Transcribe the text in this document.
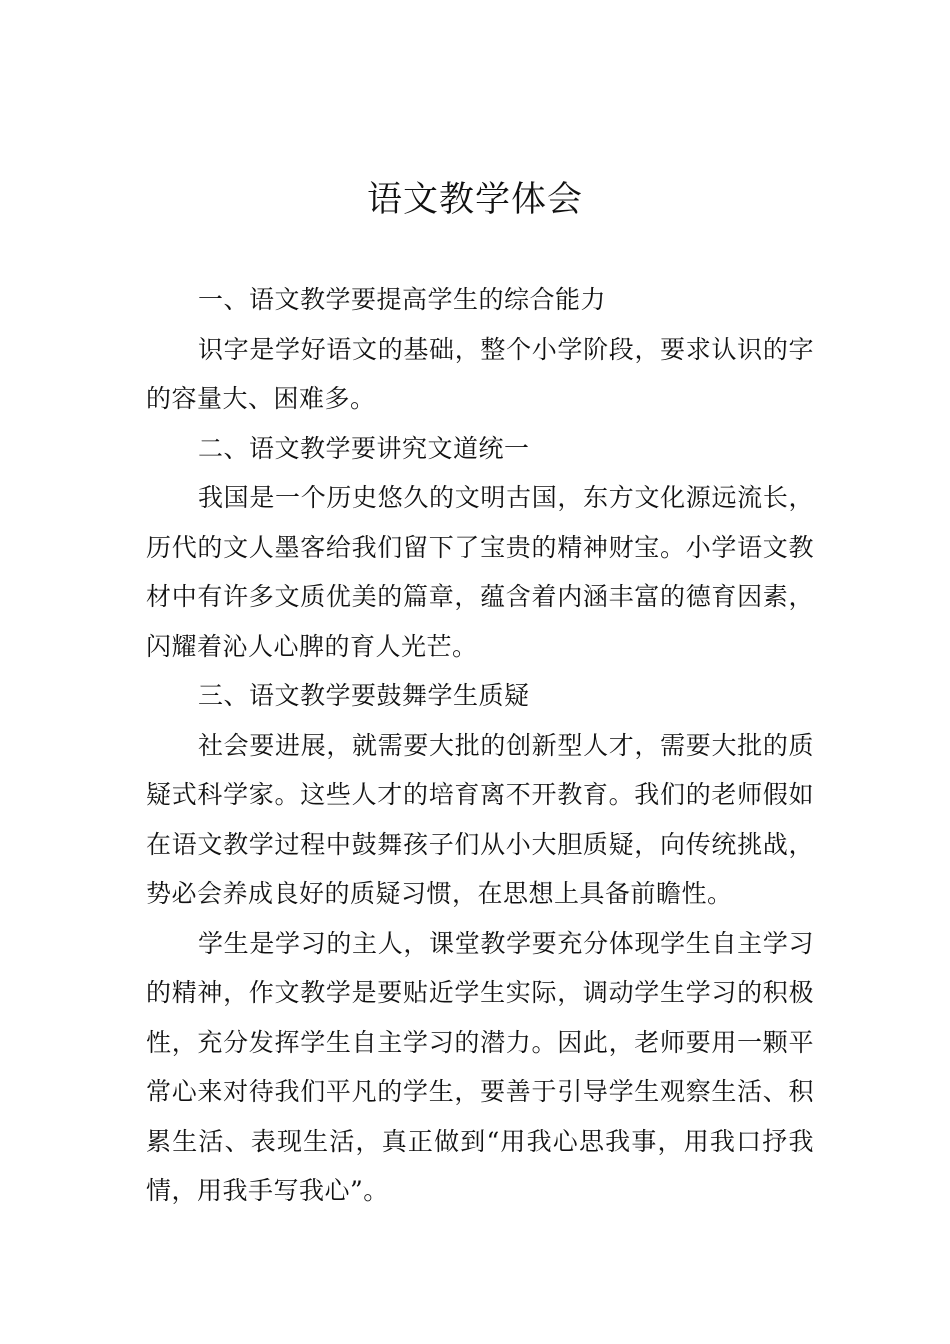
语文教学体会

一、语文教学要提高学生的综合能力

识字是学好语文的基础，整个小学阶段，要求认识的字的容量大、困难多。

二、语文教学要讲究文道统一

我国是一个历史悠久的文明古国，东方文化源远流长，历代的文人墨客给我们留下了宝贵的精神财宝。小学语文教材中有许多文质优美的篇章，蕴含着内涵丰富的德育因素，闪耀着沁人心脾的育人光芒。

三、语文教学要鼓舞学生质疑

社会要进展，就需要大批的创新型人才，需要大批的质疑式科学家。这些人才的培育离不开教育。我们的老师假如在语文教学过程中鼓舞孩子们从小大胆质疑，向传统挑战，势必会养成良好的质疑习惯，在思想上具备前瞻性。

学生是学习的主人，课堂教学要充分体现学生自主学习的精神，作文教学是要贴近学生实际，调动学生学习的积极性，充分发挥学生自主学习的潜力。因此，老师要用一颗平常心来对待我们平凡的学生，要善于引导学生观察生活、积累生活、表现生活，真正做到“用我心思我事，用我口抒我情，用我手写我心”。
